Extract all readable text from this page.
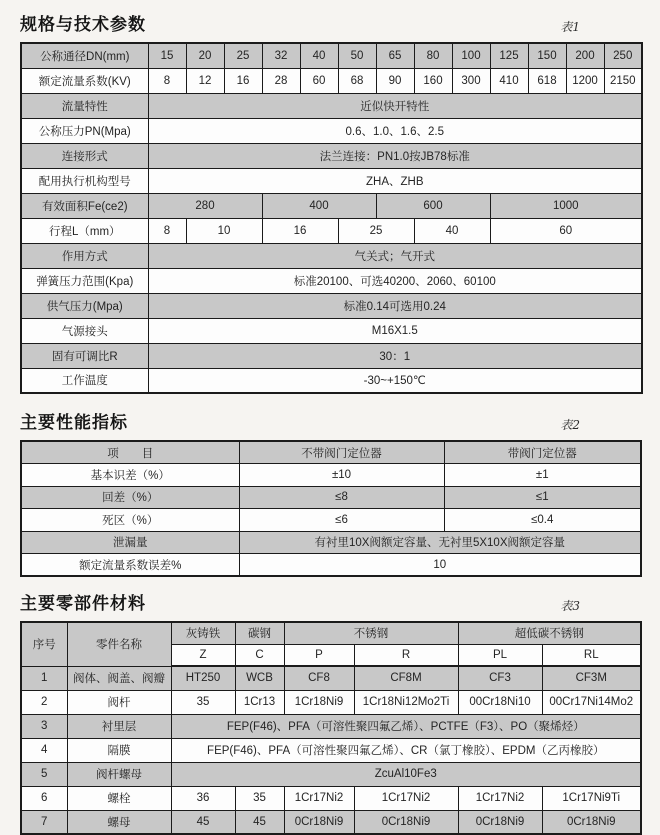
规格与技术参数	表1
公称通径DN(mm)	15	20	25	32	40	50	65	80	100	125	150	200	250
额定流量系数(KV)	8	12	16	28	60	68	90	160	300	410	618	1200	2150
流量特性	近似快开特性												
公称压力PN(Mpa)	0.6、1.0、1.6、2.5												
连接形式	法兰连接：PN1.0按JB78标准												
配用执行机构型号	ZHA、ZHB												
有效面积Fe(ce2)	280			400			600			1000			
行程L（mm）	8	10		16		25		40		60			
作用方式	气关式；气开式												
弹簧压力范围(Kpa)	标准20100、可选40200、2060、60100												
供气压力(Mpa)	标准0.14可选用0.24												
气源接头	M16X1.5												
固有可调比R	30：1												
工作温度	-30~+150℃												
主要性能指标	表2
项　　目	不带阀门定位器	带阀门定位器
基本识差（%）	±10	±1
回差（%）	≤8	≤1
死区（%）	≤6	≤0.4
泄漏量	有衬里10X阀额定容量、无衬里5X10X阀额定容量	
额定流量系数误差%	10	
主要零部件材料	表3
序号	零件名称	灰铸铁	碳钢	不锈钢		超低碳不锈钢	
		Z	C	P	R	PL	RL
1	阀体、阀盖、阀瓣	HT250	WCB	CF8	CF8M	CF3	CF3M
2	阀杆	35	1Cr13	1Cr18Ni9	1Cr18Ni12Mo2Ti	00Cr18Ni10	00Cr17Ni14Mo2
3	衬里层	FEP(F46)、PFA（可溶性聚四氟乙烯）、PCTFE（F3）、PO（聚烯烃）					
4	隔膜	FEP(F46)、PFA（可溶性聚四氟乙烯）、CR（氯丁橡胶）、EPDM（乙丙橡胶）					
5	阀杆螺母	ZcuAl10Fe3					
6	螺栓	36	35	1Cr17Ni2	1Cr17Ni2	1Cr17Ni2	1Cr17Ni9Ti
7	螺母	45	45	0Cr18Ni9	0Cr18Ni9	0Cr18Ni9	0Cr18Ni9
